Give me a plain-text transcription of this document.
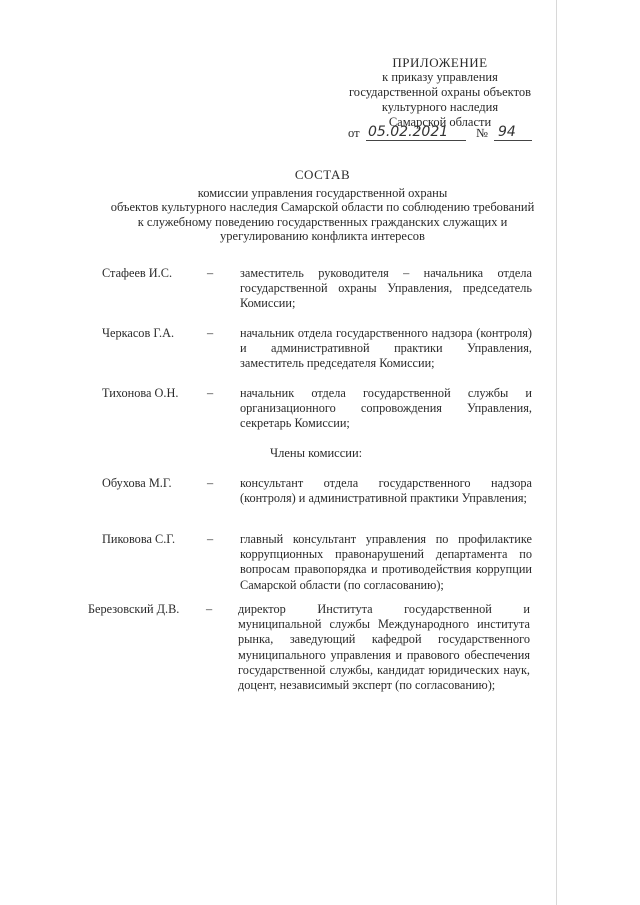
ПРИЛОЖЕНИЕ
к приказу управления
государственной охраны объектов
культурного наследия
Самарской области
от 05.02.2021 № 94
СОСТАВ
комиссии управления государственной охраны
объектов культурного наследия Самарской области по соблюдению требований
к служебному поведению государственных гражданских служащих и
урегулированию конфликта интересов
Стафеев И.С.	– заместитель руководителя – начальника отдела государственной охраны Управления, председатель Комиссии;
Черкасов Г.А.	– начальник отдела государственного надзора (контроля) и административной практики Управления, заместитель председателя Комиссии;
Тихонова О.Н. – начальник отдела государственной службы и организационного сопровождения Управления, секретарь Комиссии;
Члены комиссии:
Обухова М.Г.	– консультант отдела государственного надзора (контроля) и административной практики Управления;
Пиковова С.Г.	– главный консультант управления по профилактике коррупционных правонарушений департамента по вопросам правопорядка и противодействия коррупции Самарской области (по согласованию);
Березовский Д.В. – директор Института государственной и муниципальной службы Международного института рынка, заведующий кафедрой государственного муниципального управления и правового обеспечения государственной службы, кандидат юридических наук, доцент, независимый эксперт (по согласованию);
